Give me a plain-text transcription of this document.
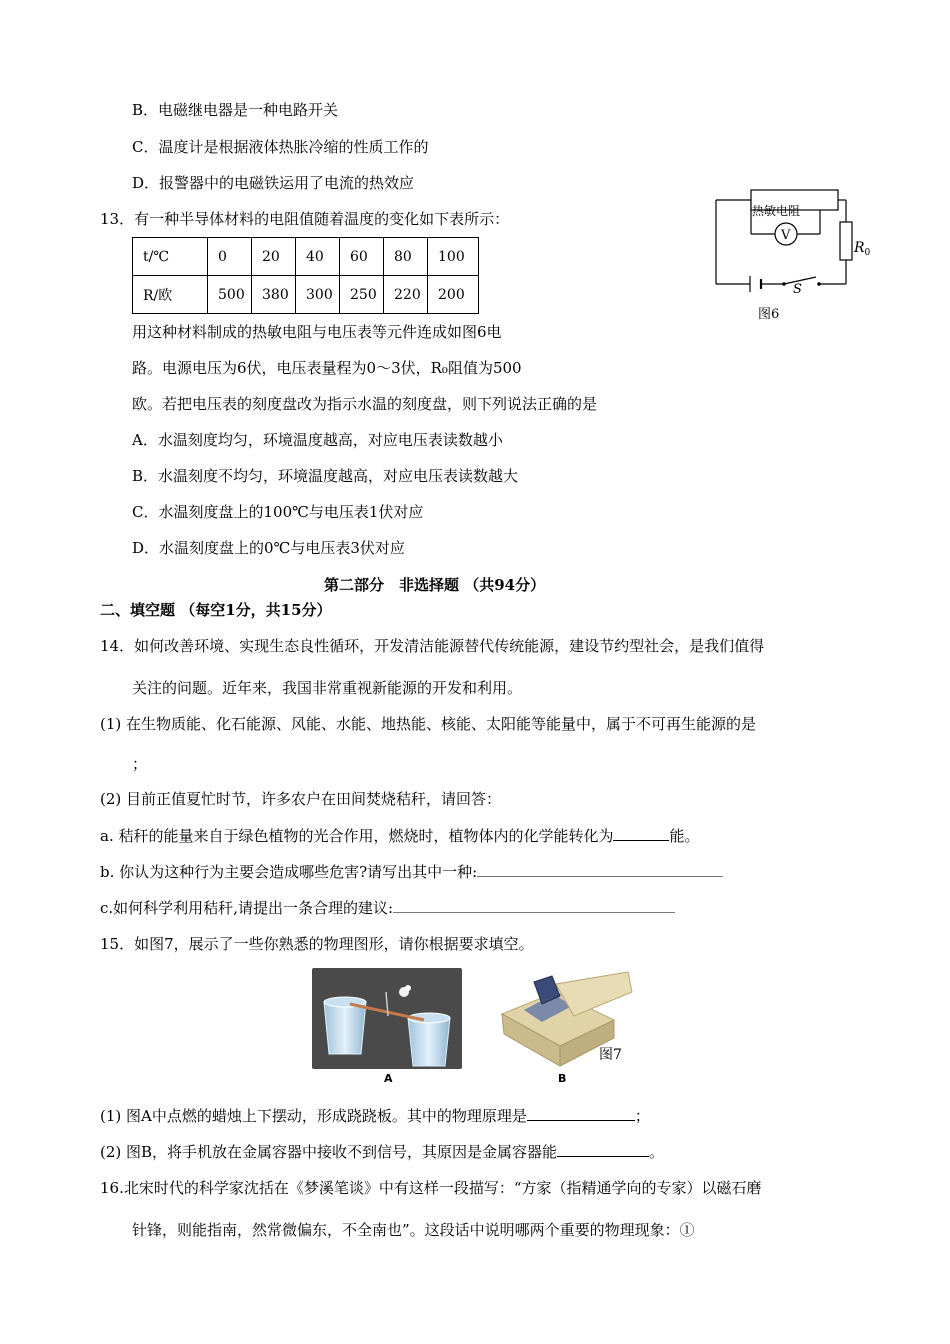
B．电磁继电器是一种电路开关
C．温度计是根据液体热胀冷缩的性质工作的
D．报警器中的电磁铁运用了电流的热效应
13．有一种半导体材料的电阻值随着温度的变化如下表所示：
t/℃	0	20	40	60	80	100
R/欧	500	380	300	250	220	200
用这种材料制成的热敏电阻与电压表等元件连成如图6电
路。电源电压为6伏，电压表量程为0～3伏，R₀阻值为500
欧。若把电压表的刻度盘改为指示水温的刻度盘，则下列说法正确的是
A．水温刻度均匀，环境温度越高，对应电压表读数越小
B．水温刻度不均匀，环境温度越高，对应电压表读数越大
C．水温刻度盘上的100℃与电压表1伏对应
D．水温刻度盘上的0℃与电压表3伏对应
热敏电阻
V
$R_0$
S
图6
第二部分　非选择题 （共94分）
二、填空题 （每空1分，共15分）
14．如何改善环境、实现生态良性循环，开发清洁能源替代传统能源，建设节约型社会，是我们值得
关注的问题。近年来，我国非常重视新能源的开发和利用。
(1) 在生物质能、化石能源、风能、水能、地热能、核能、太阳能等能量中，属于不可再生能源的是
；
(2) 目前正值夏忙时节，许多农户在田间焚烧秸秆，请回答：
a. 秸秆的能量来自于绿色植物的光合作用，燃烧时，植物体内的化学能转化为	能。
b. 你认为这种行为主要会造成哪些危害?请写出其中一种:
c.如何科学利用秸秆,请提出一条合理的建议:
15．如图7，展示了一些你熟悉的物理图形，请你根据要求填空。
A	B
图7
(1) 图A中点燃的蜡烛上下摆动，形成跷跷板。其中的物理原理是	；
(2) 图B，将手机放在金属容器中接收不到信号，其原因是金属容器能	。
16.北宋时代的科学家沈括在《梦溪笔谈》中有这样一段描写：“方家（指精通学向的专家）以磁石磨
针锋，则能指南，然常微偏东，不全南也”。这段话中说明哪两个重要的物理现象：①
